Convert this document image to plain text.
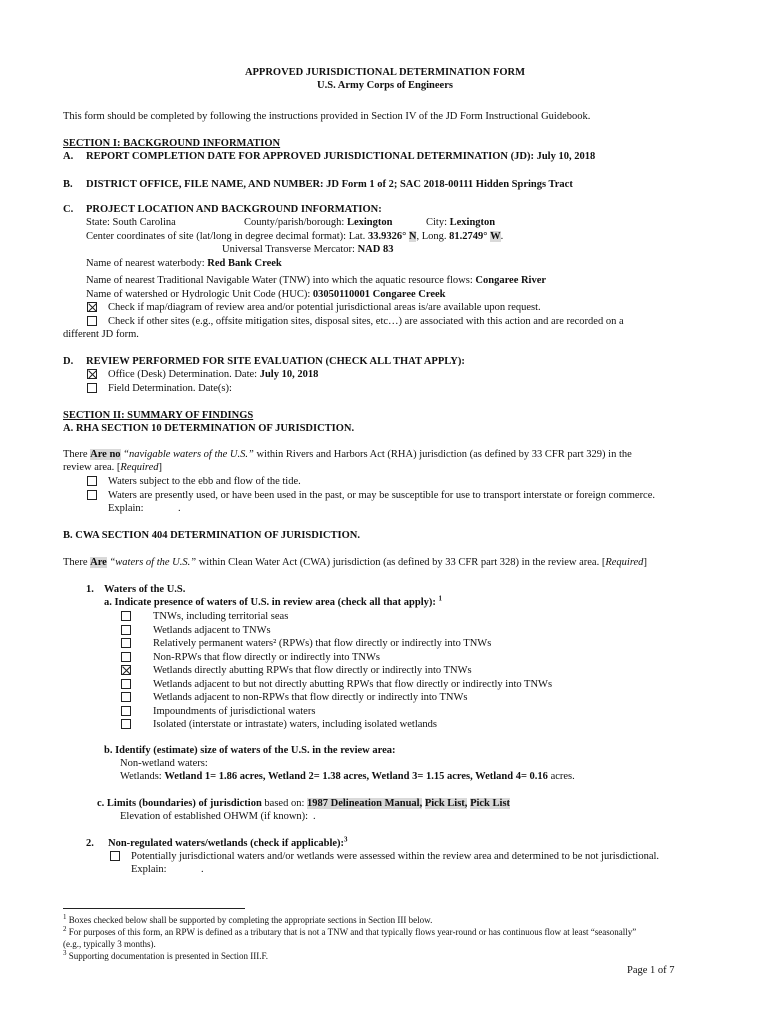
APPROVED JURISDICTIONAL DETERMINATION FORM
U.S. Army Corps of Engineers
This form should be completed by following the instructions provided in Section IV of the JD Form Instructional Guidebook.
SECTION I: BACKGROUND INFORMATION
A. REPORT COMPLETION DATE FOR APPROVED JURISDICTIONAL DETERMINATION (JD): July 10, 2018
B. DISTRICT OFFICE, FILE NAME, AND NUMBER: JD Form 1 of 2; SAC 2018-00111 Hidden Springs Tract
C. PROJECT LOCATION AND BACKGROUND INFORMATION:
State: South Carolina	County/parish/borough: Lexington	City: Lexington
Center coordinates of site (lat/long in degree decimal format): Lat. 33.9326° N, Long. 81.2749° W.
Universal Transverse Mercator: NAD 83
Name of nearest waterbody: Red Bank Creek
Name of nearest Traditional Navigable Water (TNW) into which the aquatic resource flows: Congaree River
Name of watershed or Hydrologic Unit Code (HUC): 03050110001 Congaree Creek
Check if map/diagram of review area and/or potential jurisdictional areas is/are available upon request.
Check if other sites (e.g., offsite mitigation sites, disposal sites, etc…) are associated with this action and are recorded on a
different JD form.
D. REVIEW PERFORMED FOR SITE EVALUATION (CHECK ALL THAT APPLY):
Office (Desk) Determination. Date: July 10, 2018
Field Determination. Date(s):
SECTION II: SUMMARY OF FINDINGS
A. RHA SECTION 10 DETERMINATION OF JURISDICTION.
There Are no “navigable waters of the U.S.” within Rivers and Harbors Act (RHA) jurisdiction (as defined by 33 CFR part 329) in the
review area. [Required]
Waters subject to the ebb and flow of the tide.
Waters are presently used, or have been used in the past, or may be susceptible for use to transport interstate or foreign commerce.
Explain:	.
B. CWA SECTION 404 DETERMINATION OF JURISDICTION.
There Are “waters of the U.S.” within Clean Water Act (CWA) jurisdiction (as defined by 33 CFR part 328) in the review area. [Required]
1. Waters of the U.S.
a. Indicate presence of waters of U.S. in review area (check all that apply): $^1$
TNWs, including territorial seas
Wetlands adjacent to TNWs
Relatively permanent waters² (RPWs) that flow directly or indirectly into TNWs
Non-RPWs that flow directly or indirectly into TNWs
Wetlands directly abutting RPWs that flow directly or indirectly into TNWs
Wetlands adjacent to but not directly abutting RPWs that flow directly or indirectly into TNWs
Wetlands adjacent to non-RPWs that flow directly or indirectly into TNWs
Impoundments of jurisdictional waters
Isolated (interstate or intrastate) waters, including isolated wetlands
b. Identify (estimate) size of waters of the U.S. in the review area:
Non-wetland waters:
Wetlands: Wetland 1= 1.86 acres, Wetland 2= 1.38 acres, Wetland 3= 1.15 acres, Wetland 4= 0.16 acres.
c. Limits (boundaries) of jurisdiction based on: 1987 Delineation Manual, Pick List, Pick List
Elevation of established OHWM (if known): .
2. Non-regulated waters/wetlands (check if applicable):$^3$
Potentially jurisdictional waters and/or wetlands were assessed within the review area and determined to be not jurisdictional.
Explain:	.
$^1$ Boxes checked below shall be supported by completing the appropriate sections in Section III below.
$^2$ For purposes of this form, an RPW is defined as a tributary that is not a TNW and that typically flows year-round or has continuous flow at least “seasonally”
(e.g., typically 3 months).
$^3$ Supporting documentation is presented in Section III.F.
Page 1 of 7
